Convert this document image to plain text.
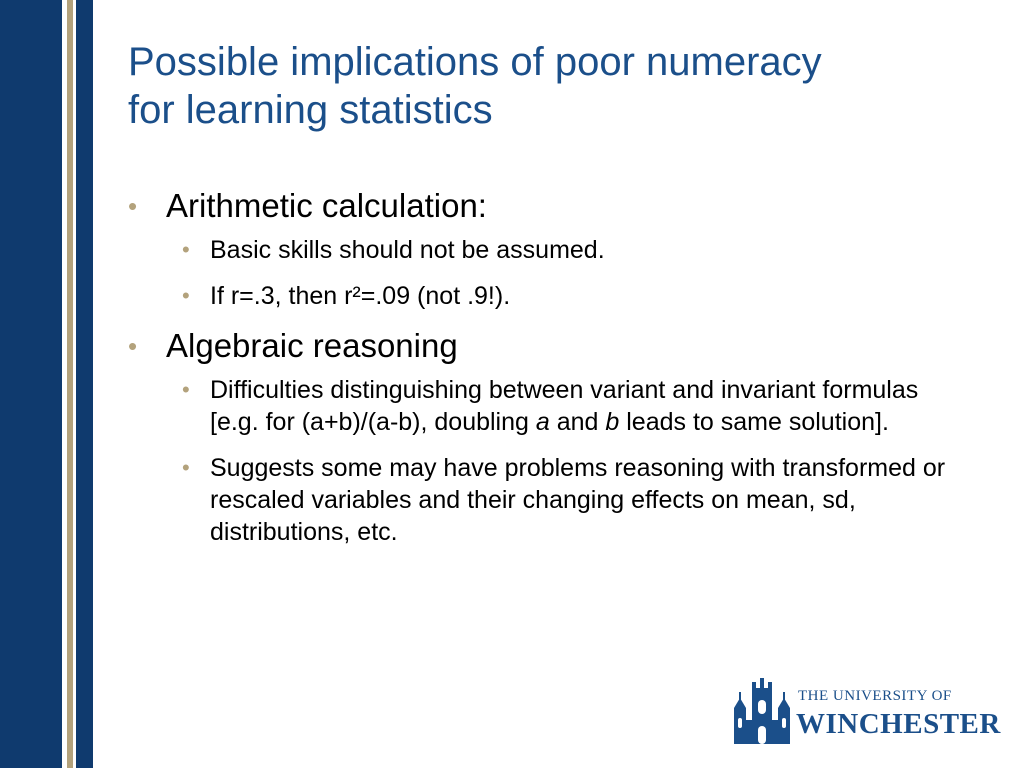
Possible implications of poor numeracy
for learning statistics
• Arithmetic calculation:
• Basic skills should not be assumed.
• If r=.3, then r²=.09 (not .9!).
• Algebraic reasoning
• Difficulties distinguishing between variant and invariant formulas [e.g. for (a+b)/(a-b), doubling a and b leads to same solution].
• Suggests some may have problems reasoning with transformed or rescaled variables and their changing effects on mean, sd, distributions, etc.
THE UNIVERSITY OF
WINCHESTER
